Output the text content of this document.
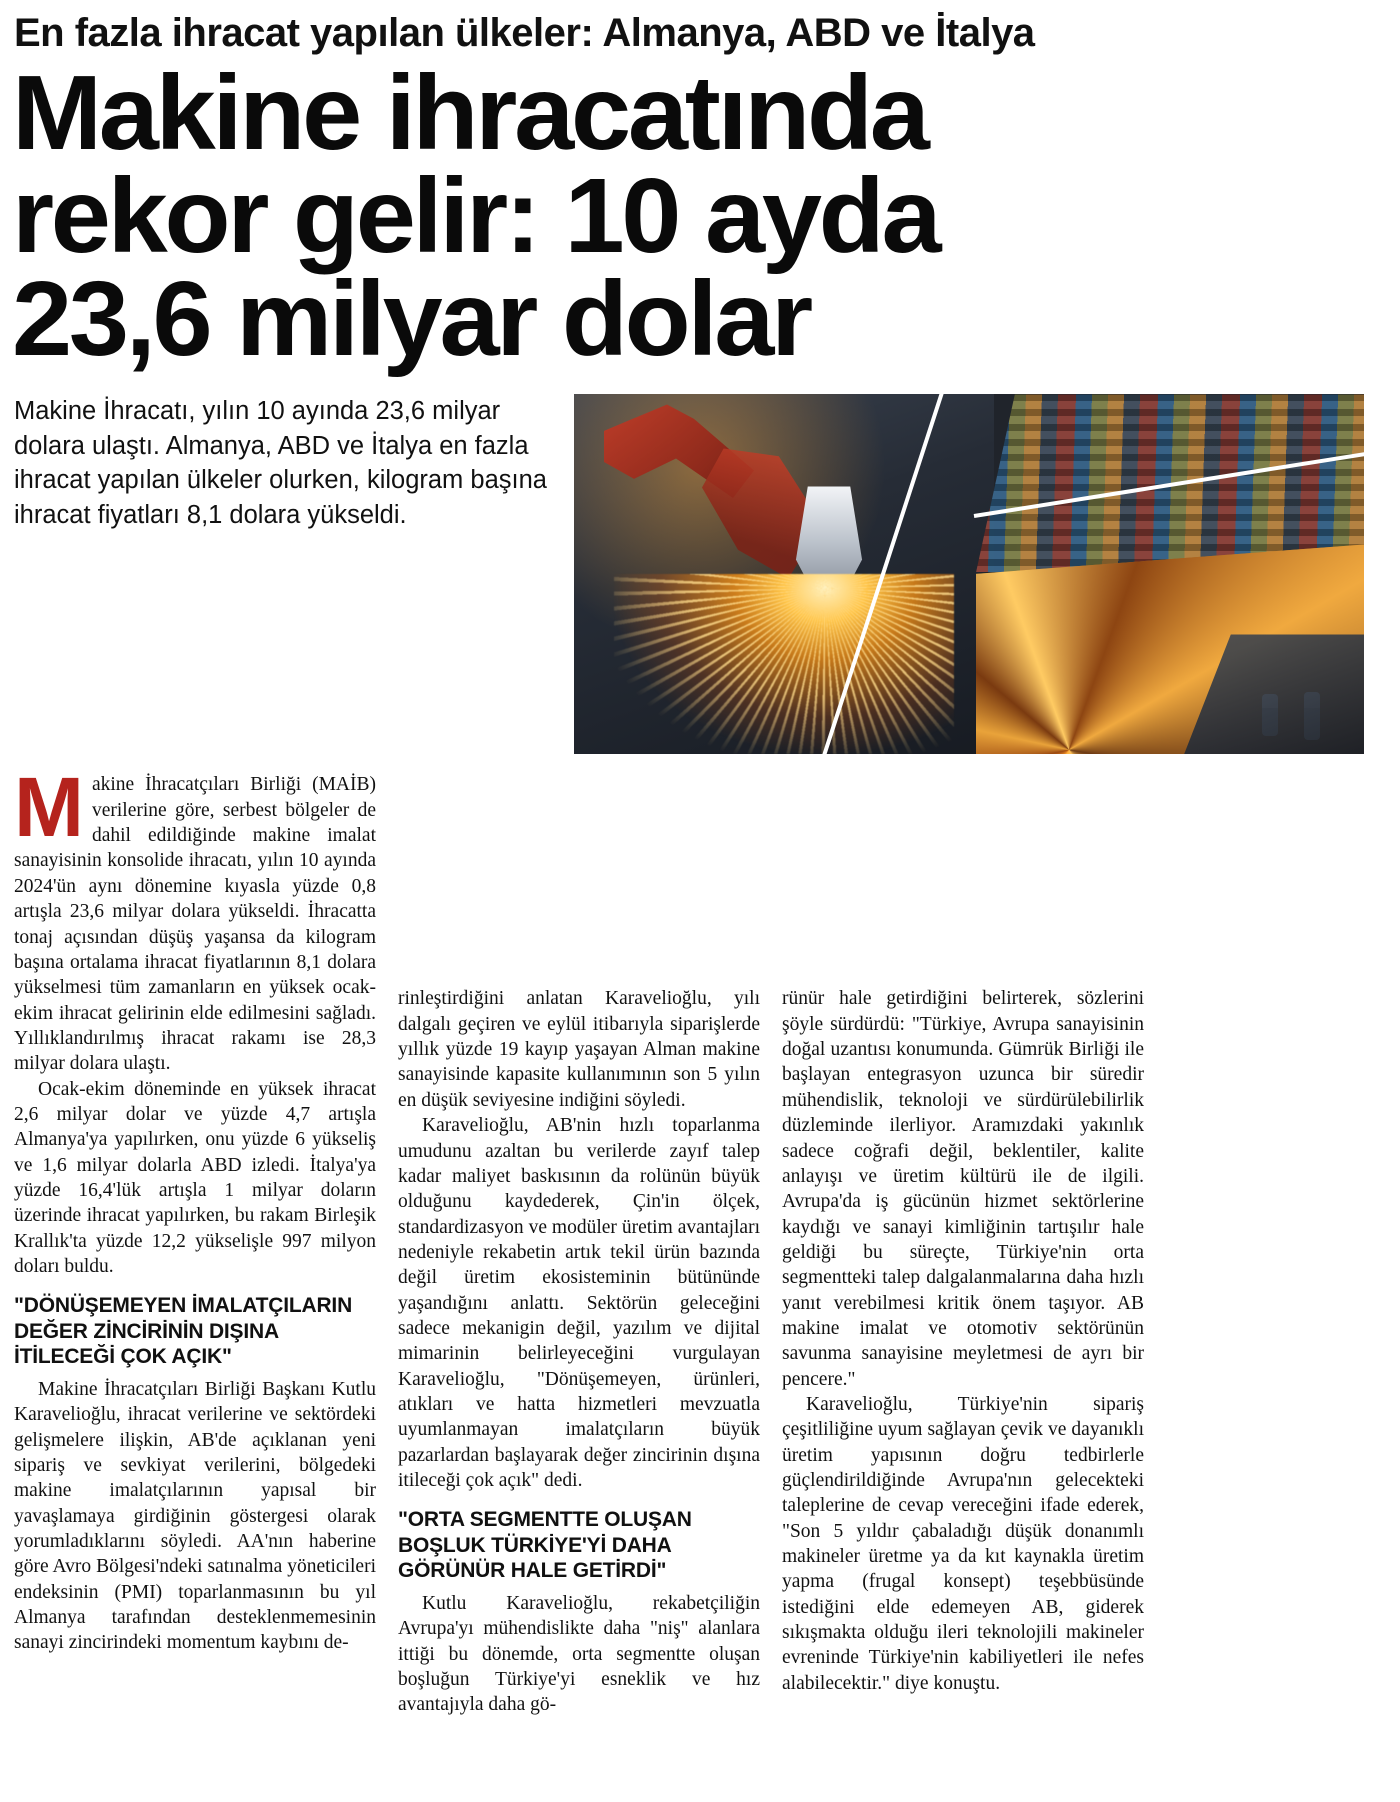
En fazla ihracat yapılan ülkeler: Almanya, ABD ve İtalya
Makine ihracatında
rekor gelir: 10 ayda
23,6 milyar dolar
Makine İhracatı, yılın 10 ayında 23,6 milyar dolara ulaştı. Almanya, ABD ve İtalya en fazla ihracat yapılan ülkeler olurken, kilogram başına ihracat fiyatları 8,1 dolara yükseldi.

Makine İhracatçıları Birliği (MAİB) verilerine göre, serbest bölgeler de dahil edildiğinde makine imalat sanayisinin konsolide ihracatı, yılın 10 ayında 2024'ün aynı dönemine kıyasla yüzde 0,8 artışla 23,6 milyar dolara yükseldi. İhracatta tonaj açısından düşüş yaşansa da kilogram başına ortalama ihracat fiyatlarının 8,1 dolara yükselmesi tüm zamanların en yüksek ocak-ekim ihracat gelirinin elde edilmesini sağladı. Yıllıklandırılmış ihracat rakamı ise 28,3 milyar dolara ulaştı.

Ocak-ekim döneminde en yüksek ihracat 2,6 milyar dolar ve yüzde 4,7 artışla Almanya'ya yapılırken, onu yüzde 6 yükseliş ve 1,6 milyar dolarla ABD izledi. İtalya'ya yüzde 16,4'lük artışla 1 milyar doların üzerinde ihracat yapılırken, bu rakam Birleşik Krallık'ta yüzde 12,2 yükselişle 997 milyon doları buldu.

"DÖNÜŞEMEYEN İMALATÇILARIN DEĞER ZİNCİRİNİN DIŞINA İTİLECEĞİ ÇOK AÇIK"

Makine İhracatçıları Birliği Başkanı Kutlu Karavelioğlu, ihracat verilerine ve sektördeki gelişmelere ilişkin, AB'de açıklanan yeni sipariş ve sevkiyat verilerini, bölgedeki makine imalatçılarının yapısal bir yavaşlamaya girdiğinin göstergesi olarak yorumladıklarını söyledi. AA'nın haberine göre Avro Bölgesi'ndeki satınalma yöneticileri endeksinin (PMI) toparlanmasının bu yıl Almanya tarafından desteklenmemesinin sanayi zincirindeki momentum kaybını de-

rinleştirdiğini anlatan Karavelioğlu, yılı dalgalı geçiren ve eylül itibarıyla siparişlerde yıllık yüzde 19 kayıp yaşayan Alman makine sanayisinde kapasite kullanımının son 5 yılın en düşük seviyesine indiğini söyledi.

Karavelioğlu, AB'nin hızlı toparlanma umudunu azaltan bu verilerde zayıf talep kadar maliyet baskısının da rolünün büyük olduğunu kaydederek, Çin'in ölçek, standardizasyon ve modüler üretim avantajları nedeniyle rekabetin artık tekil ürün bazında değil üretim ekosisteminin bütününde yaşandığını anlattı. Sektörün geleceğini sadece mekanigin değil, yazılım ve dijital mimarinin belirleyeceğini vurgulayan Karavelioğlu, "Dönüşemeyen, ürünleri, atıkları ve hatta hizmetleri mevzuatla uyumlanmayan imalatçıların büyük pazarlardan başlayarak değer zincirinin dışına itileceği çok açık" dedi.

"ORTA SEGMENTTE OLUŞAN BOŞLUK TÜRKİYE'Yİ DAHA GÖRÜNÜR HALE GETİRDİ"

Kutlu Karavelioğlu, rekabetçiliğin Avrupa'yı mühendislikte daha "niş" alanlara ittiği bu dönemde, orta segmentte oluşan boşluğun Türkiye'yi esneklik ve hız avantajıyla daha gö-

rünür hale getirdiğini belirterek, sözlerini şöyle sürdürdü: "Türkiye, Avrupa sanayisinin doğal uzantısı konumunda. Gümrük Birliği ile başlayan entegrasyon uzunca bir süredir mühendislik, teknoloji ve sürdürülebilirlik düzleminde ilerliyor. Aramızdaki yakınlık sadece coğrafi değil, beklentiler, kalite anlayışı ve üretim kültürü ile de ilgili. Avrupa'da iş gücünün hizmet sektörlerine kaydığı ve sanayi kimliğinin tartışılır hale geldiği bu süreçte, Türkiye'nin orta segmentteki talep dalgalanmalarına daha hızlı yanıt verebilmesi kritik önem taşıyor. AB makine imalat ve otomotiv sektörünün savunma sanayisine meyletmesi de ayrı bir pencere."

Karavelioğlu, Türkiye'nin sipariş çeşitliliğine uyum sağlayan çevik ve dayanıklı üretim yapısının doğru tedbirlerle güçlendirildiğinde Avrupa'nın gelecekteki taleplerine de cevap vereceğini ifade ederek, "Son 5 yıldır çabaladığı düşük donanımlı makineler üretme ya da kıt kaynakla üretim yapma (frugal konsept) teşebbüsünde istediğini elde edemeyen AB, giderek sıkışmakta olduğu ileri teknolojili makineler evreninde Türkiye'nin kabiliyetleri ile nefes alabilecektir." diye konuştu.
